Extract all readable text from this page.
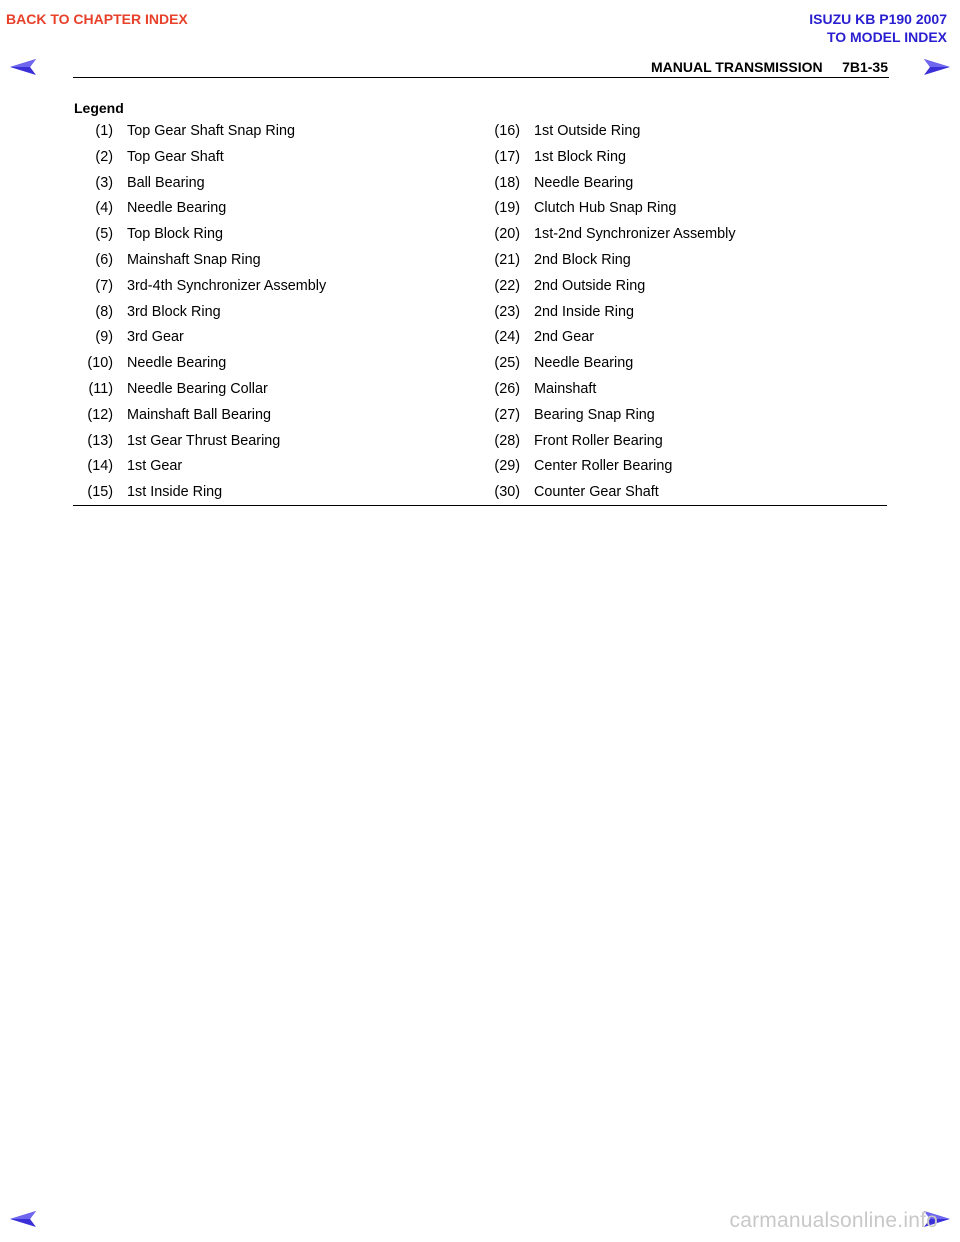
BACK TO CHAPTER INDEX	ISUZU KB P190 2007
TO MODEL INDEX
MANUAL TRANSMISSION 7B1-35
Legend
(1) Top Gear Shaft Snap Ring
(2) Top Gear Shaft
(3) Ball Bearing
(4) Needle Bearing
(5) Top Block Ring
(6) Mainshaft Snap Ring
(7) 3rd-4th Synchronizer Assembly
(8) 3rd Block Ring
(9) 3rd Gear
(10) Needle Bearing
(11) Needle Bearing Collar
(12) Mainshaft Ball Bearing
(13) 1st Gear Thrust Bearing
(14) 1st Gear
(15) 1st Inside Ring
(16) 1st Outside Ring
(17) 1st Block Ring
(18) Needle Bearing
(19) Clutch Hub Snap Ring
(20) 1st-2nd Synchronizer Assembly
(21) 2nd Block Ring
(22) 2nd Outside Ring
(23) 2nd Inside Ring
(24) 2nd Gear
(25) Needle Bearing
(26) Mainshaft
(27) Bearing Snap Ring
(28) Front Roller Bearing
(29) Center Roller Bearing
(30) Counter Gear Shaft
carmanualsonline.info
